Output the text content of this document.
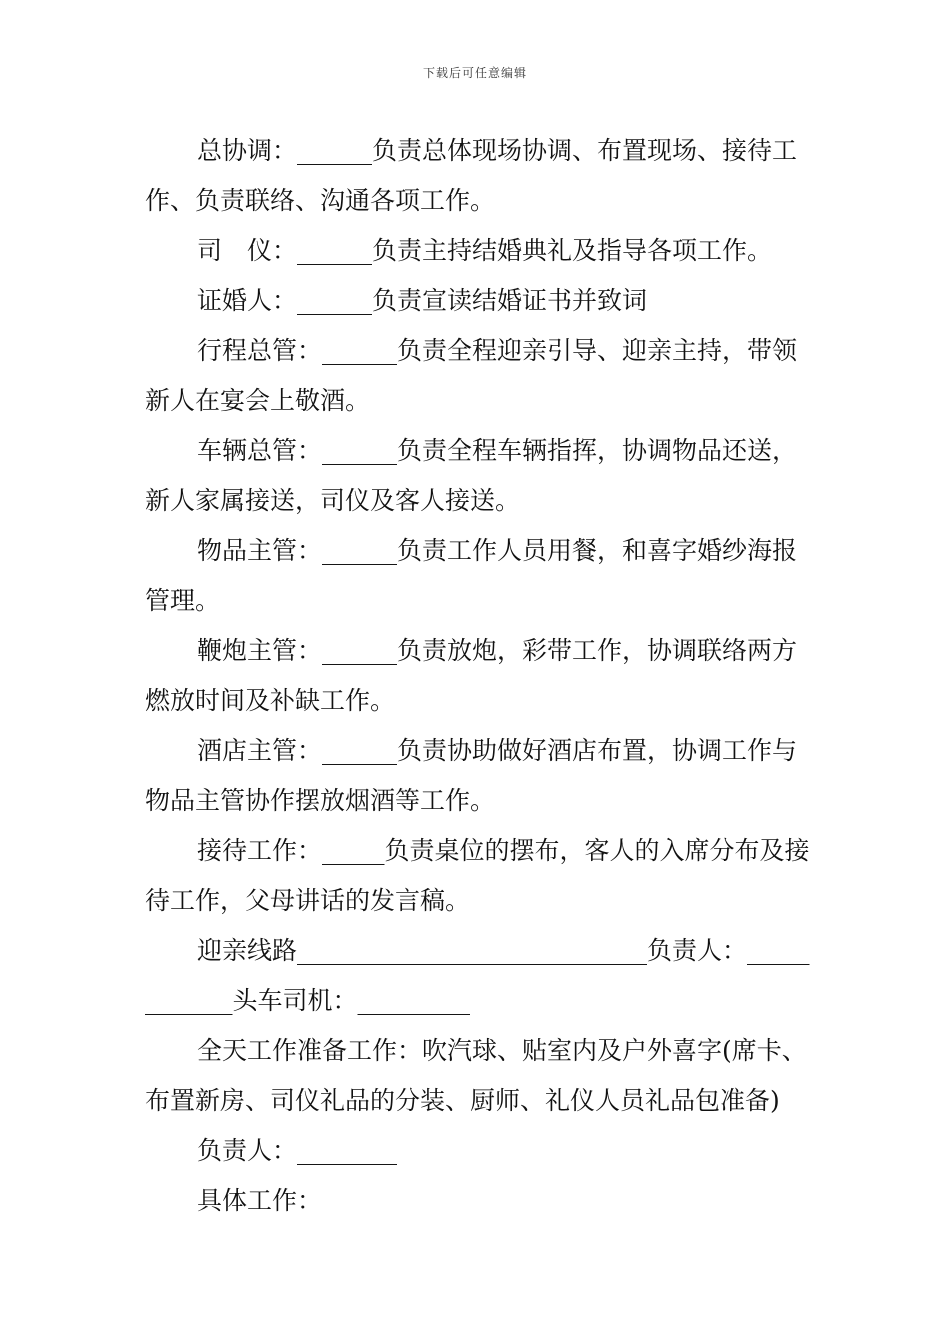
下载后可任意编辑

总协调：______负责总体现场协调、布置现场、接待工作、负责联络、沟通各项工作。

司　仪：______负责主持结婚典礼及指导各项工作。

证婚人：______负责宣读结婚证书并致词

行程总管：______负责全程迎亲引导、迎亲主持，带领新人在宴会上敬酒。

车辆总管：______负责全程车辆指挥，协调物品还送，新人家属接送，司仪及客人接送。

物品主管：______负责工作人员用餐，和喜字婚纱海报管理。

鞭炮主管：______负责放炮，彩带工作，协调联络两方燃放时间及补缺工作。

酒店主管：______负责协助做好酒店布置，协调工作与物品主管协作摆放烟酒等工作。

接待工作：_____负责桌位的摆布，客人的入席分布及接待工作，父母讲话的发言稿。

迎亲线路____________________________负责人：____________头车司机：_________

全天工作准备工作：吹汽球、贴室内及户外喜字(席卡、布置新房、司仪礼品的分装、厨师、礼仪人员礼品包准备)

负责人：________

具体工作：
